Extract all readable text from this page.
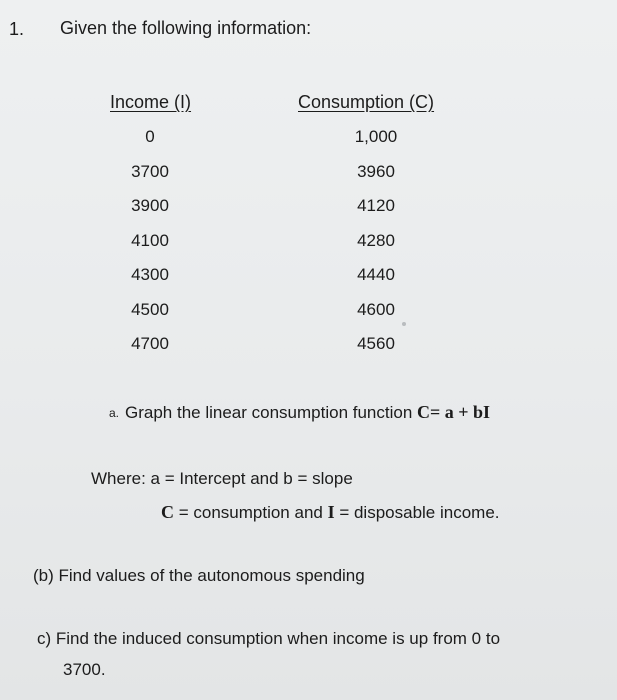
1. Given the following information:
Income (I)	Consumption (C)
0
3700
3900
4100
4300
4500
4700
1,000
3960
4120
4280
4440
4600
4560
a. Graph the linear consumption function C= a + bI
Where: a = Intercept and b = slope
C = consumption and I = disposable income.
(b) Find values of the autonomous spending
c) Find the induced consumption when income is up from 0 to
3700.
